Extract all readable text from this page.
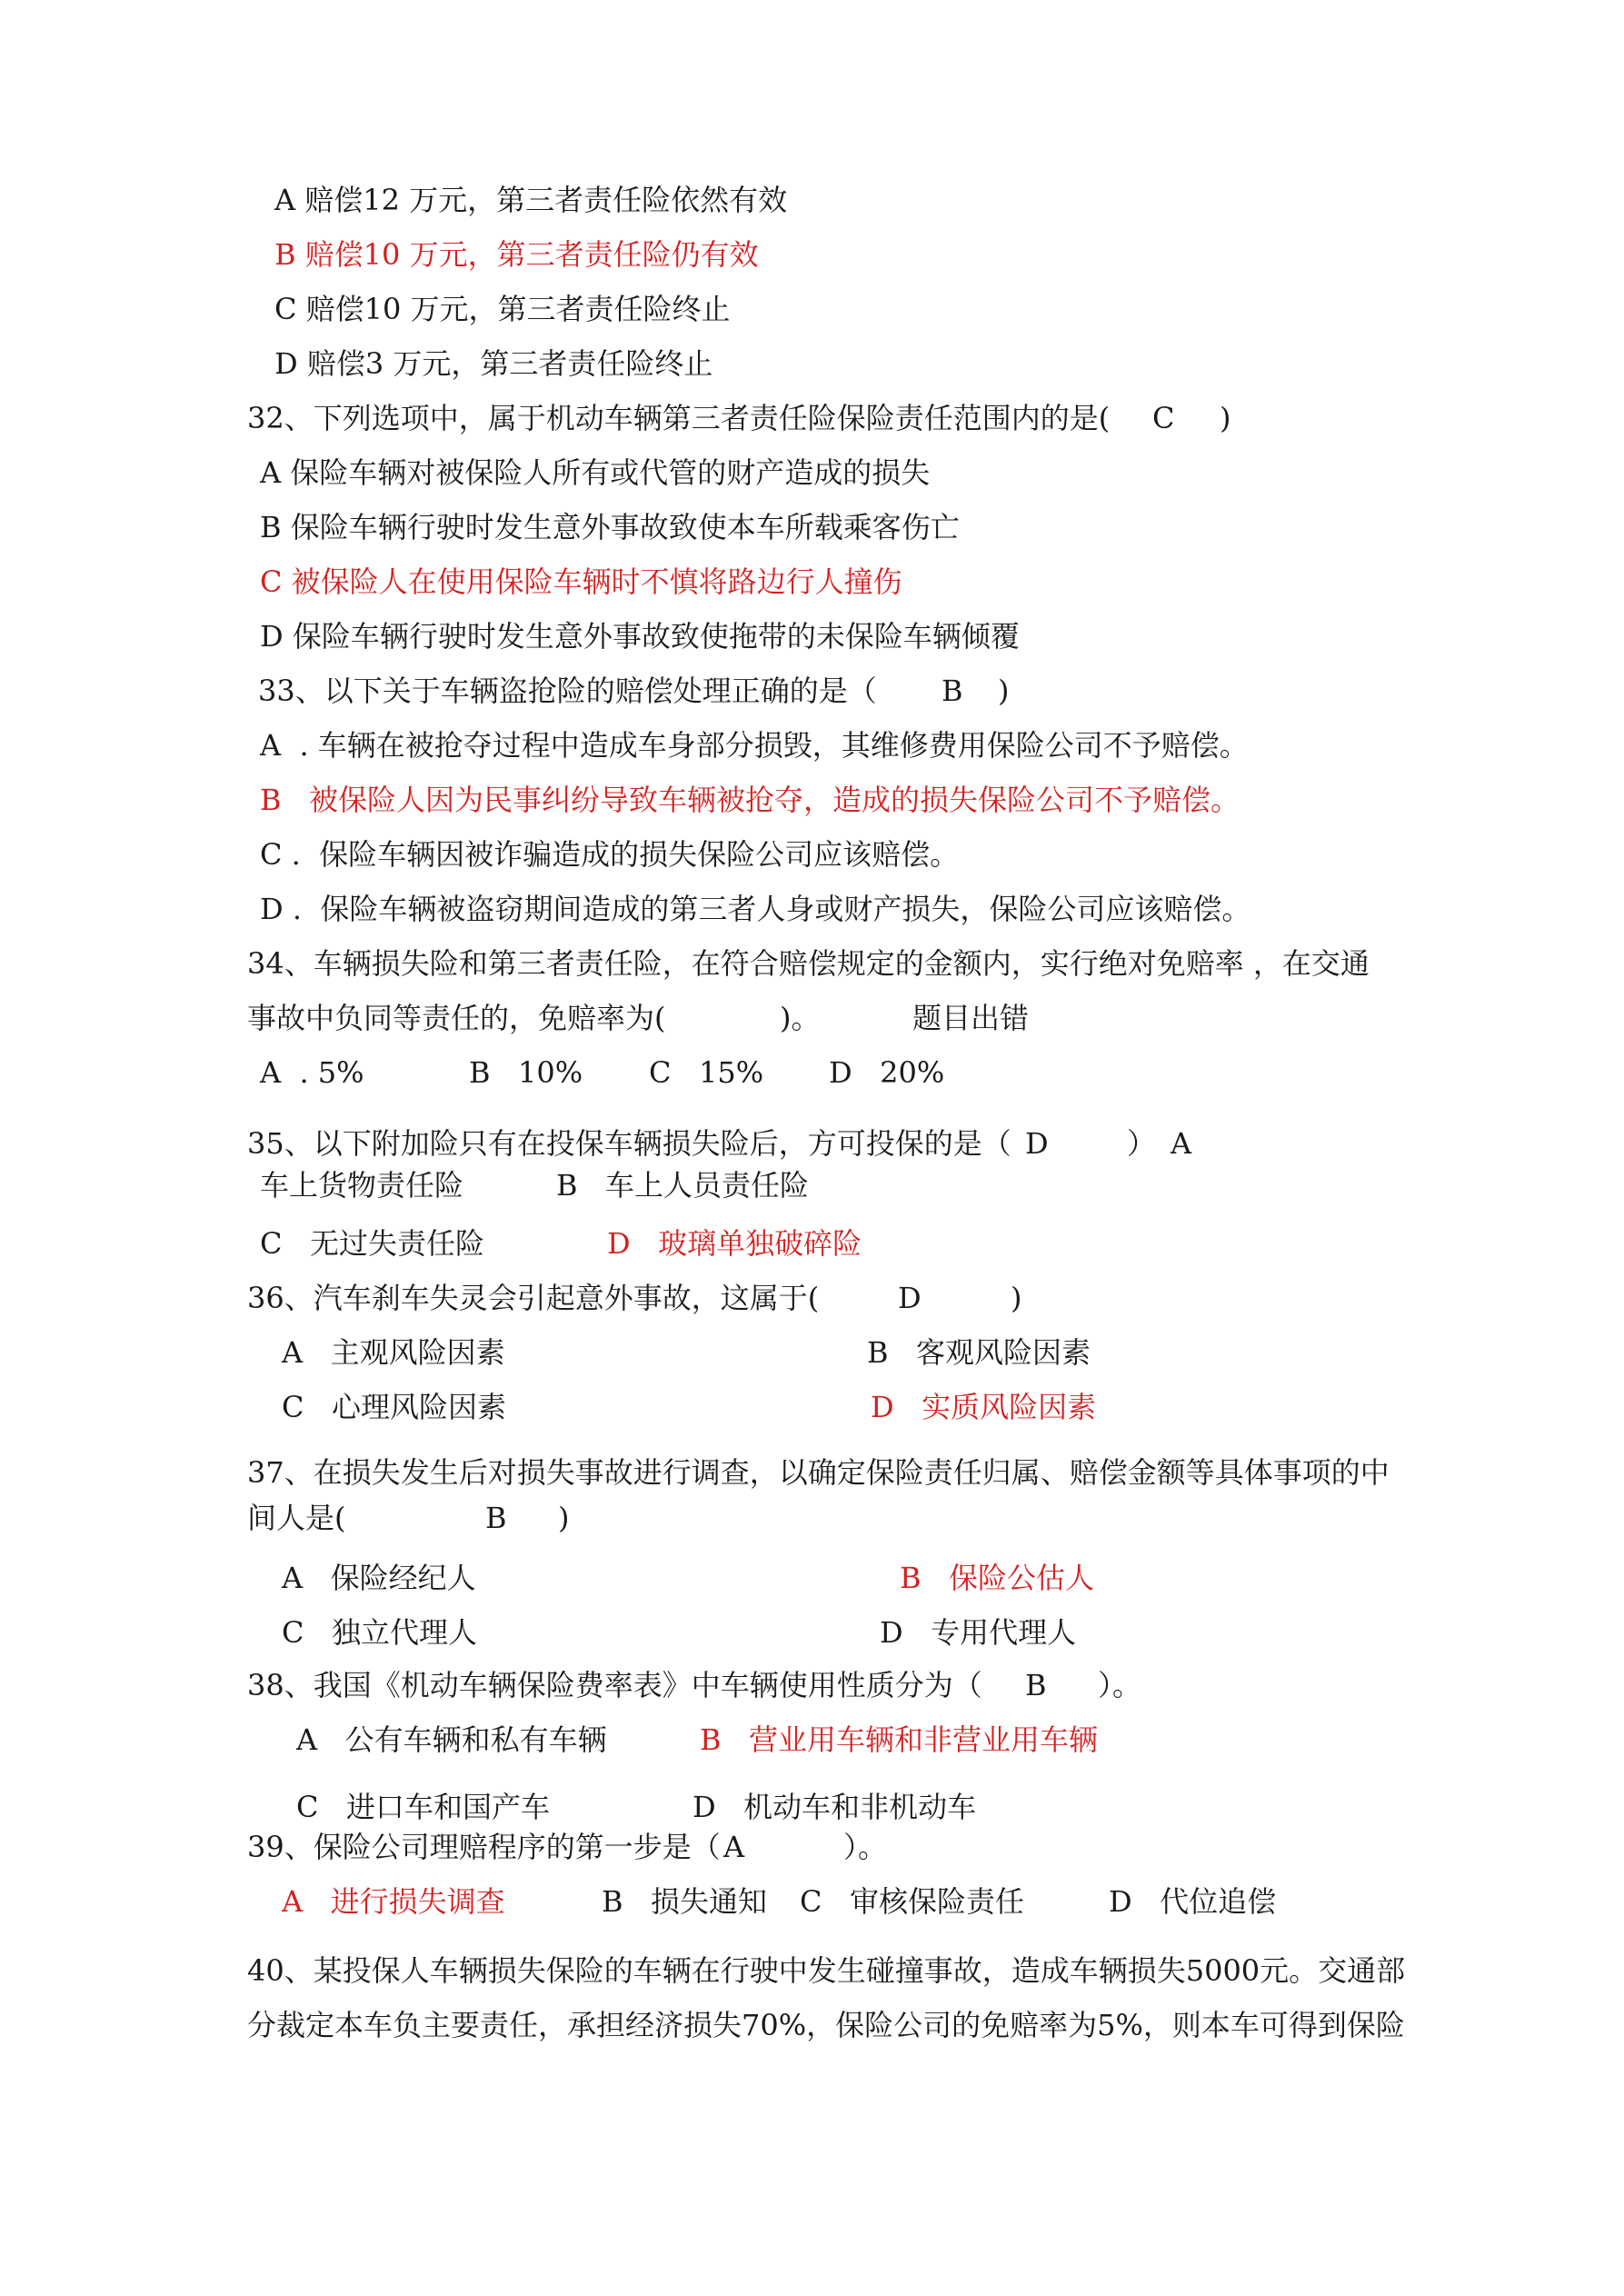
A 赔偿12 万元，第三者责任险依然有效
B 赔偿10 万元，第三者责任险仍有效
C 赔偿10 万元，第三者责任险终止
D 赔偿3 万元，第三者责任险终止
32、下列选项中，属于机动车辆第三者责任险保险责任范围内的是( C )
A 保险车辆对被保险人所有或代管的财产造成的损失
B 保险车辆行驶时发生意外事故致使本车所载乘客伤亡
C 被保险人在使用保险车辆时不慎将路边行人撞伤
D 保险车辆行驶时发生意外事故致使拖带的未保险车辆倾覆
33、以下关于车辆盗抢险的赔偿处理正确的是（ B )
A  . 车辆在被抢夺过程中造成车身部分损毁，其维修费用保险公司不予赔偿。
B   被保险人因为民事纠纷导致车辆被抢夺，造成的损失保险公司不予赔偿。
C .  保险车辆因被诈骗造成的损失保险公司应该赔偿。
D .  保险车辆被盗窃期间造成的第三者人身或财产损失，保险公司应该赔偿。
34、车辆损失险和第三者责任险，在符合赔偿规定的金额内，实行绝对免赔率 ，在交通
事故中负同等责任的，免赔率为(	)。	题目出错
A  . 5%	B   10% C   15% D   20%
35、以下附加险只有在投保车辆损失险后，方可投保的是（ D	） A
车上货物责任险	B   车上人员责任险
C   无过失责任险	D   玻璃单独破碎险
36、汽车刹车失灵会引起意外事故，这属于(	D	)
A   主观风险因素	B   客观风险因素
C   心理风险因素	D   实质风险因素
37、在损失发生后对损失事故进行调查，以确定保险责任归属、赔偿金额等具体事项的中
间人是(	B )
A   保险经纪人	B   保险公估人
C   独立代理人	D   专用代理人
38、我国《机动车辆保险费率表》中车辆使用性质分为（ B ）。
A   公有车辆和私有车辆	B   营业用车辆和非营业用车辆
C   进口车和国产车	D   机动车和非机动车
39、保险公司理赔程序的第一步是（ A	）。
A   进行损失调查	B   损失通知 C   审核保险责任	D   代位追偿
40、某投保人车辆损失保险的车辆在行驶中发生碰撞事故，造成车辆损失5000元。交通部
分裁定本车负主要责任，承担经济损失70%，保险公司的免赔率为5%，则本车可得到保险
